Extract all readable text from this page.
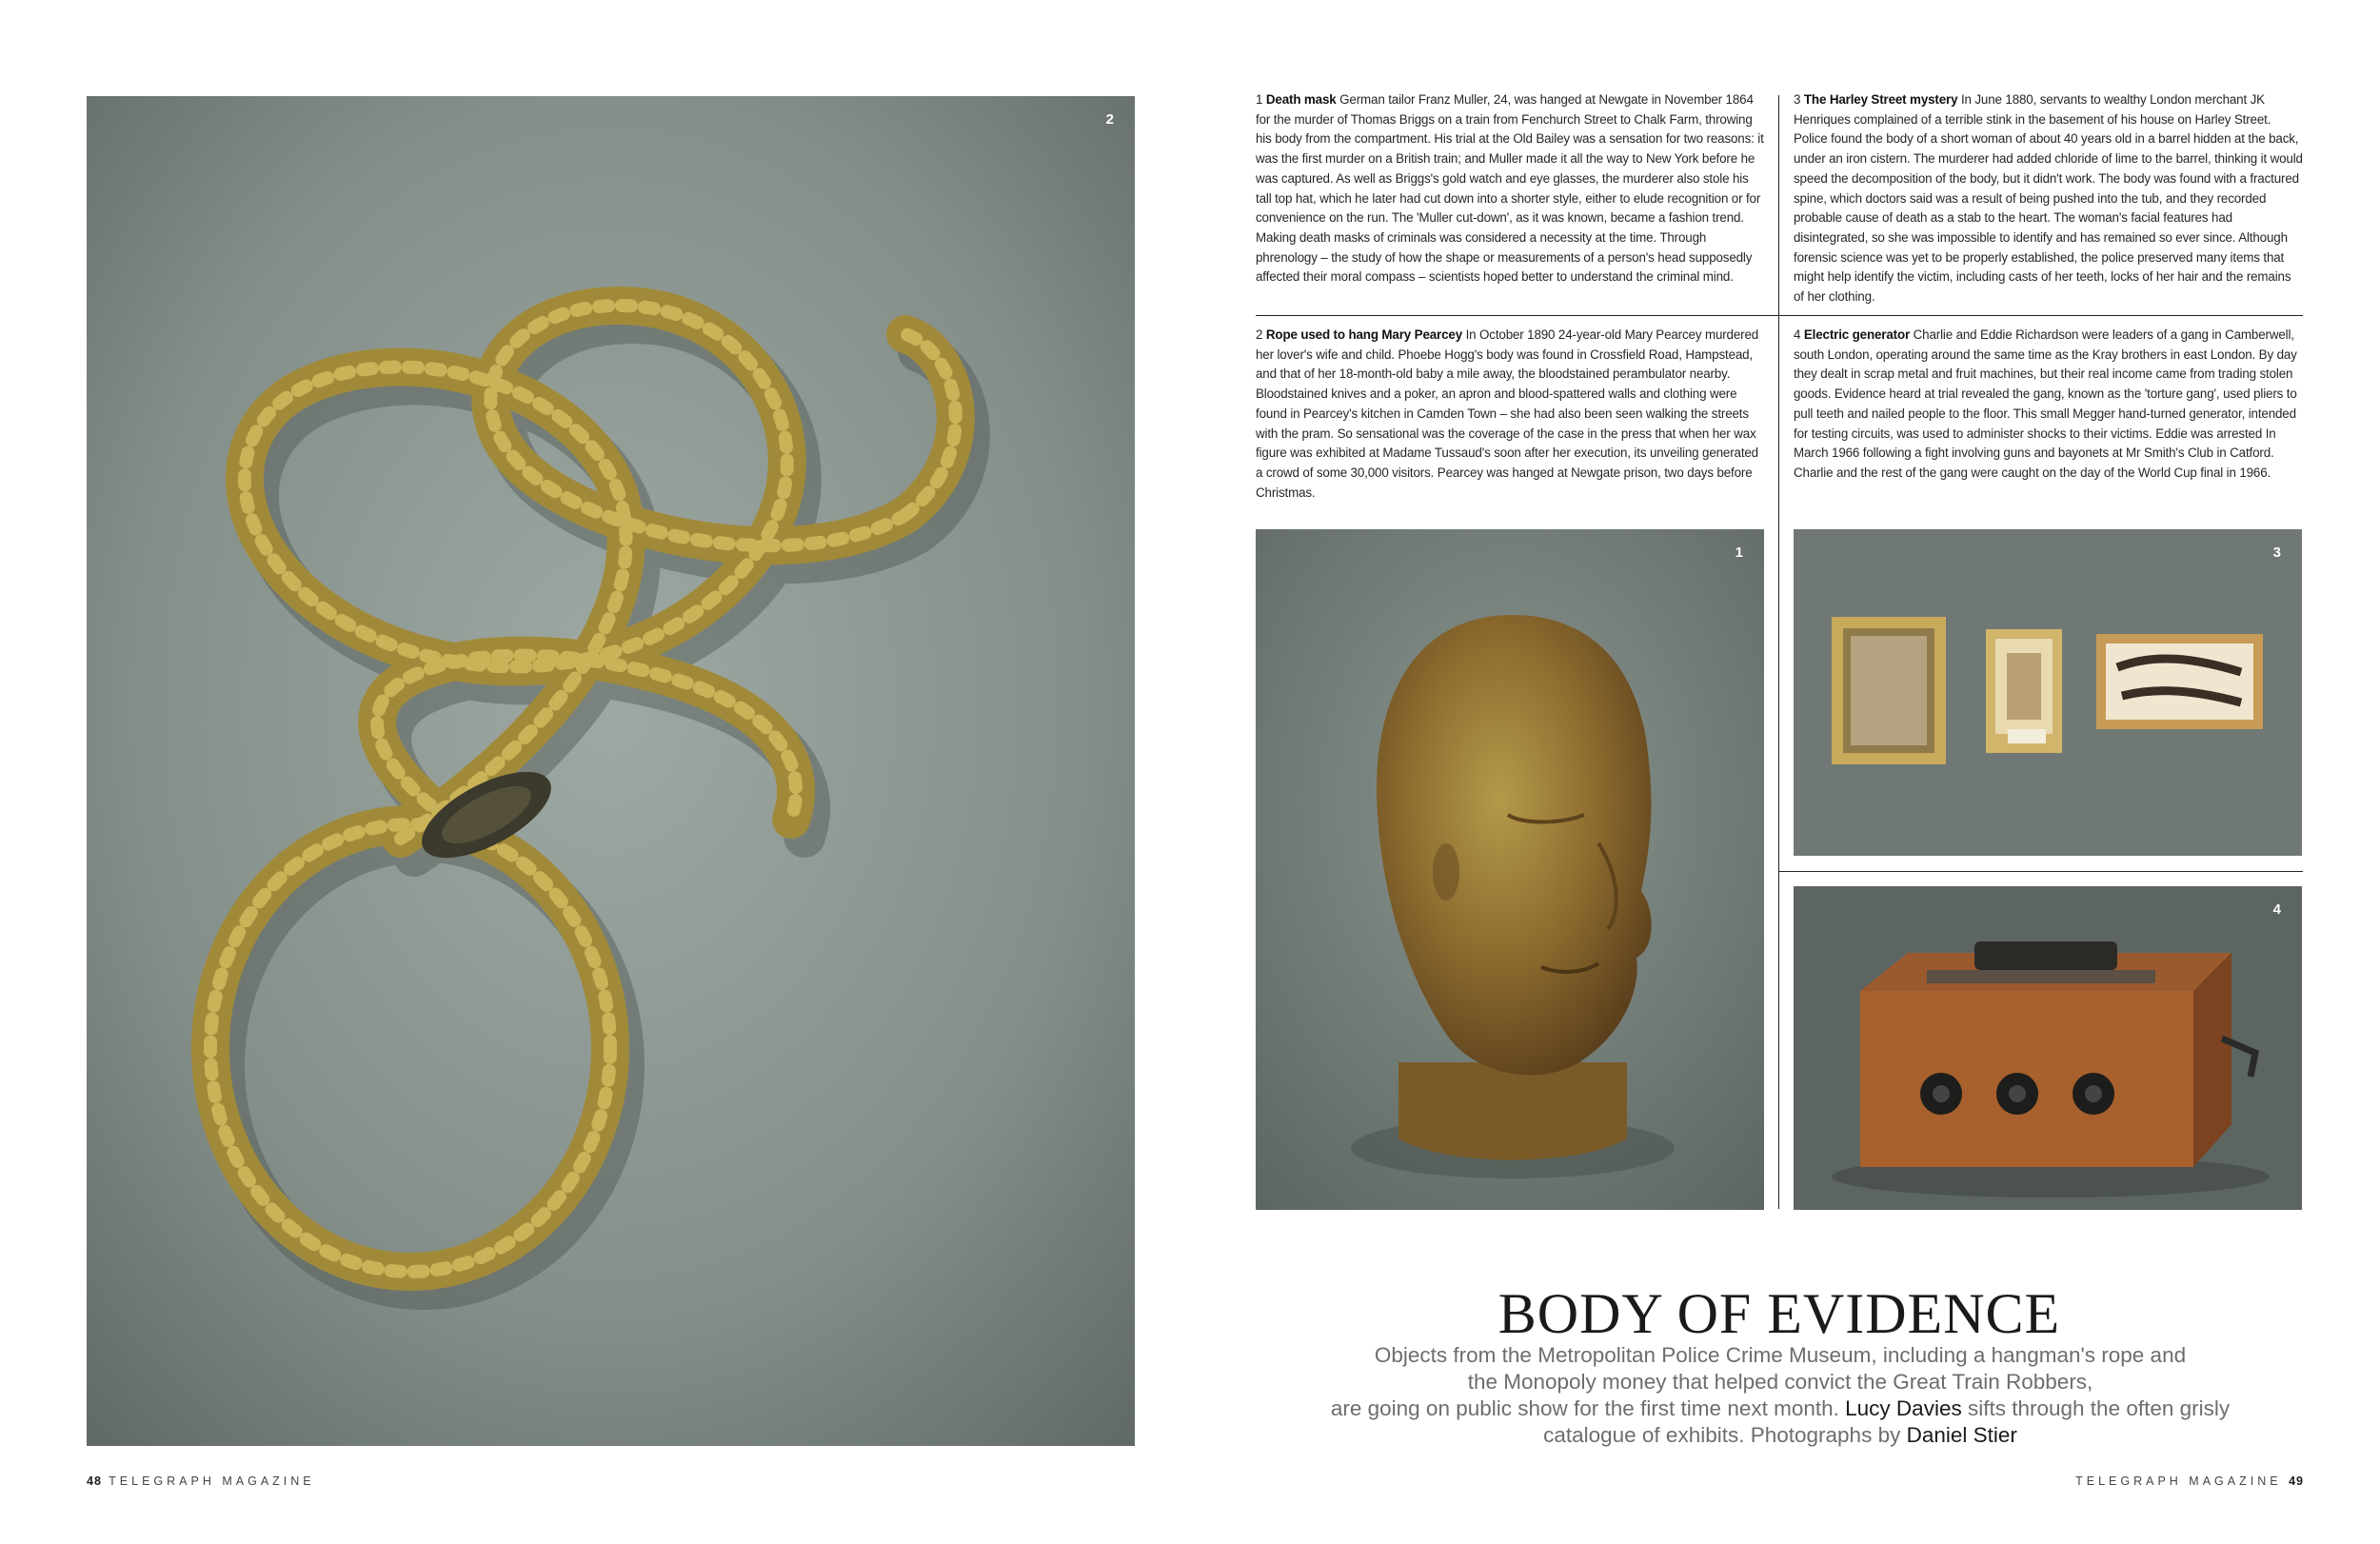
2
1 Death mask German tailor Franz Muller, 24, was hanged at Newgate in November 1864 for the murder of Thomas Briggs on a train from Fenchurch Street to Chalk Farm, throwing his body from the compartment. His trial at the Old Bailey was a sensation for two reasons: it was the first murder on a British train; and Muller made it all the way to New York before he was captured. As well as Briggs's gold watch and eye glasses, the murderer also stole his tall top hat, which he later had cut down into a shorter style, either to elude recognition or for convenience on the run. The 'Muller cut-down', as it was known, became a fashion trend. Making death masks of criminals was considered a necessity at the time. Through phrenology – the study of how the shape or measurements of a person's head supposedly affected their moral compass – scientists hoped better to understand the criminal mind.
2 Rope used to hang Mary Pearcey In October 1890 24-year-old Mary Pearcey murdered her lover's wife and child. Phoebe Hogg's body was found in Crossfield Road, Hampstead, and that of her 18-month-old baby a mile away, the bloodstained perambulator nearby. Bloodstained knives and a poker, an apron and blood-spattered walls and clothing were found in Pearcey's kitchen in Camden Town – she had also been seen walking the streets with the pram. So sensational was the coverage of the case in the press that when her wax figure was exhibited at Madame Tussaud's soon after her execution, its unveiling generated a crowd of some 30,000 visitors. Pearcey was hanged at Newgate prison, two days before Christmas.
3 The Harley Street mystery In June 1880, servants to wealthy London merchant JK Henriques complained of a terrible stink in the basement of his house on Harley Street. Police found the body of a short woman of about 40 years old in a barrel hidden at the back, under an iron cistern. The murderer had added chloride of lime to the barrel, thinking it would speed the decomposition of the body, but it didn't work. The body was found with a fractured spine, which doctors said was a result of being pushed into the tub, and they recorded probable cause of death as a stab to the heart. The woman's facial features had disintegrated, so she was impossible to identify and has remained so ever since. Although forensic science was yet to be properly established, the police preserved many items that might help identify the victim, including casts of her teeth, locks of her hair and the remains of her clothing.
4 Electric generator Charlie and Eddie Richardson were leaders of a gang in Camberwell, south London, operating around the same time as the Kray brothers in east London. By day they dealt in scrap metal and fruit machines, but their real income came from trading stolen goods. Evidence heard at trial revealed the gang, known as the 'torture gang', used pliers to pull teeth and nailed people to the floor. This small Megger hand-turned generator, intended for testing circuits, was used to administer shocks to their victims. Eddie was arrested In March 1966 following a fight involving guns and bayonets at Mr Smith's Club in Catford. Charlie and the rest of the gang were caught on the day of the World Cup final in 1966.
1	3
4
BODY OF EVIDENCE
Objects from the Metropolitan Police Crime Museum, including a hangman's rope and
the Monopoly money that helped convict the Great Train Robbers,
are going on public show for the first time next month. Lucy Davies sifts through the often grisly
catalogue of exhibits. Photographs by Daniel Stier
48 TELEGRAPH MAGAZINE	TELEGRAPH MAGAZINE 49
